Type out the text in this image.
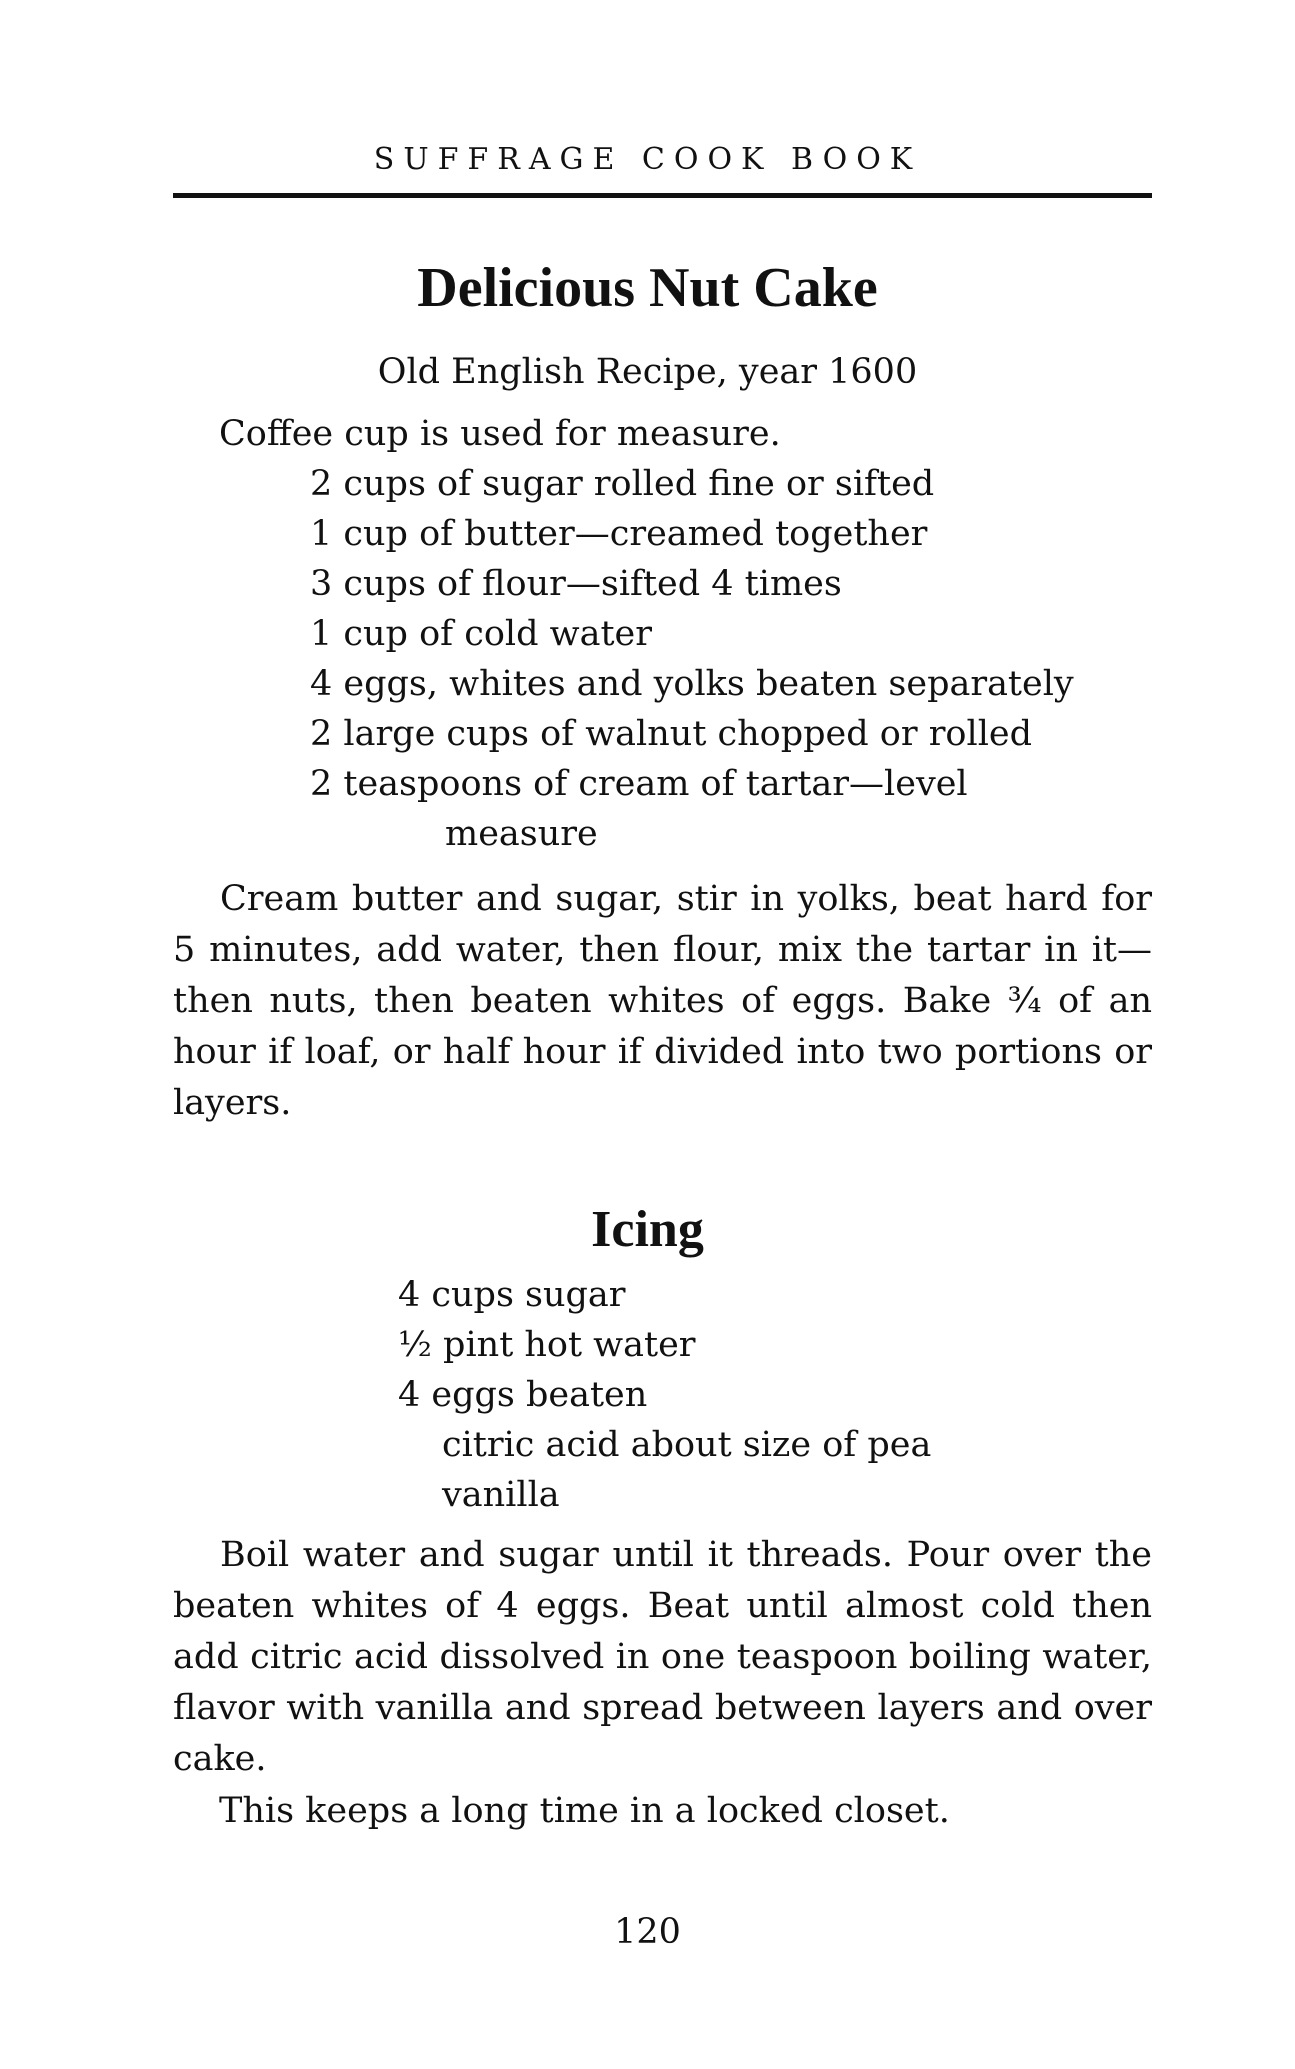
SUFFRAGE COOK BOOK
Delicious Nut Cake
Old English Recipe, year 1600
Coffee cup is used for measure.
2 cups of sugar rolled fine or sifted
1 cup of butter—creamed together
3 cups of flour—sifted 4 times
1 cup of cold water
4 eggs, whites and yolks beaten separately
2 large cups of walnut chopped or rolled
2 teaspoons of cream of tartar—level
measure
Cream butter and sugar, stir in yolks, beat hard for 5 minutes, add water, then flour, mix the tartar in it—then nuts, then beaten whites of eggs. Bake ¾ of an hour if loaf, or half hour if divided into two portions or layers.
Icing
4 cups sugar
½ pint hot water
4 eggs beaten
citric acid about size of pea
vanilla
Boil water and sugar until it threads. Pour over the beaten whites of 4 eggs. Beat until almost cold then add citric acid dissolved in one teaspoon boiling water, flavor with vanilla and spread between layers and over cake.
This keeps a long time in a locked closet.
120
